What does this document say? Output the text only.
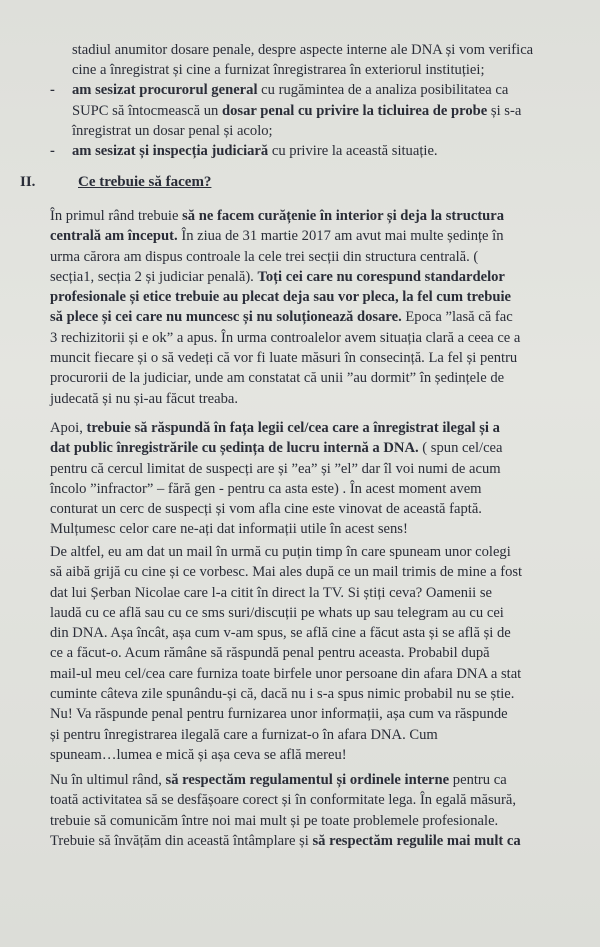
stadiul anumitor dosare penale, despre aspecte interne ale DNA și vom verifica

cine a înregistrat și cine a furnizat înregistrarea în exteriorul instituției;

- am sesizat procurorul general cu rugămintea de a analiza posibilitatea ca

SUPC să întocmească un dosar penal cu privire la ticluirea de probe și s-a

înregistrat un dosar penal și acolo;

- am sesizat și inspecția judiciară cu privire la această situație.

II.	Ce trebuie să facem?
În primul rând trebuie să ne facem curățenie în interior și deja la structura
centrală am început. În ziua de 31 martie 2017 am avut mai multe ședințe în
urma cărora am dispus controale la cele trei secții din structura centrală. (
secția1, secția 2 și judiciar penală). Toți cei care nu corespund standardelor
profesionale și etice trebuie au plecat deja sau vor pleca, la fel cum trebuie
să plece și cei care nu muncesc și nu soluționează dosare. Epoca ”lasă că fac
3 rechizitorii și e ok” a apus. În urma controalelor avem situația clară a ceea ce a
muncit fiecare și o să vedeți că vor fi luate măsuri în consecință. La fel și pentru
procurorii de la judiciar, unde am constatat că unii ”au dormit” în ședințele de
judecată și nu și-au făcut treaba.
Apoi, trebuie să răspundă în fața legii cel/cea care a înregistrat ilegal și a
dat public înregistrările cu ședința de lucru internă a DNA. ( spun cel/cea
pentru că cercul limitat de suspecți are și ”ea” și ”el” dar îl voi numi de acum
încolo ”infractor” – fără gen - pentru ca asta este) . În acest moment avem
conturat un cerc de suspecți și vom afla cine este vinovat de această faptă.
Mulțumesc celor care ne-ați dat informații utile în acest sens!
De altfel, eu am dat un mail în urmă cu puțin timp în care spuneam unor colegi
să aibă grijă cu cine și ce vorbesc. Mai ales după ce un mail trimis de mine a fost
dat lui Șerban Nicolae care l-a citit în direct la TV. Si știți ceva? Oamenii se
laudă cu ce află sau cu ce sms suri/discuții pe whats up sau telegram au cu cei
din DNA. Așa încât, așa cum v-am spus, se află cine a făcut asta și se află și de
ce a făcut-o. Acum rămâne să răspundă penal pentru aceasta. Probabil după
mail-ul meu cel/cea care furniza toate birfele unor persoane din afara DNA a stat
cuminte câteva zile spunându-și că, dacă nu i s-a spus nimic probabil nu se știe.
Nu! Va răspunde penal pentru furnizarea unor informații, așa cum va răspunde
și pentru înregistrarea ilegală care a furnizat-o în afara DNA. Cum
spuneam…lumea e mică și așa ceva se află mereu!
Nu în ultimul rând, să respectăm regulamentul și ordinele interne pentru ca
toată activitatea să se desfășoare corect și în conformitate lega. În egală măsură,
trebuie să comunicăm între noi mai mult și pe toate problemele profesionale.
Trebuie să învățăm din această întâmplare și să respectăm regulile mai mult ca
